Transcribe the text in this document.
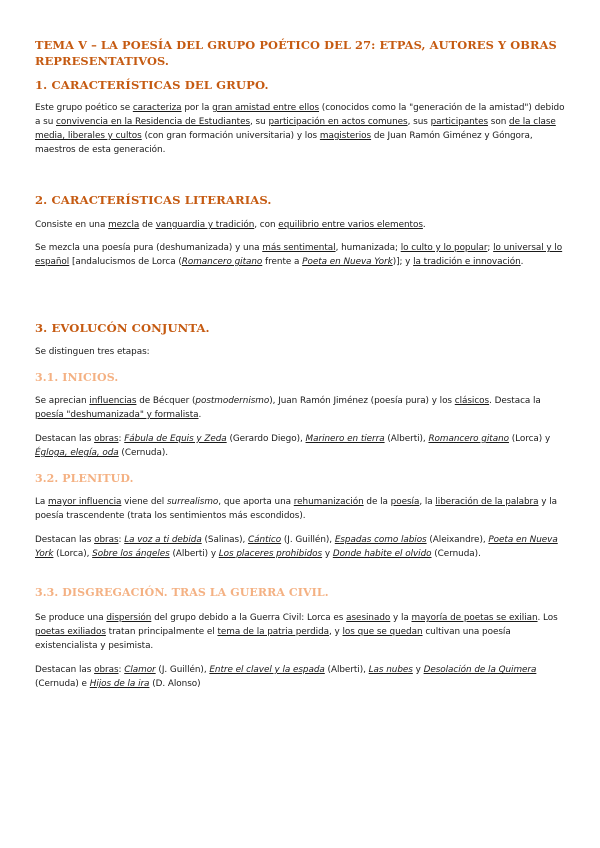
TEMA V – LA POESÍA DEL GRUPO POÉTICO DEL 27: ETPAS, AUTORES Y OBRAS REPRESENTATIVOS.
1. CARACTERÍSTICAS DEL GRUPO.

Este grupo poético se caracteriza por la gran amistad entre ellos (conocidos como la "generación de la amistad") debido a su convivencia en la Residencia de Estudiantes, su participación en actos comunes, sus participantes son de la clase media, liberales y cultos (con gran formación universitaria) y los magisterios de Juan Ramón Giménez y Góngora, maestros de esta generación.

2. CARACTERÍSTICAS LITERARIAS.

Consiste en una mezcla de vanguardia y tradición, con equilibrio entre varios elementos.

Se mezcla una poesía pura (deshumanizada) y una más sentimental, humanizada; lo culto y lo popular; lo universal y lo español [andalucismos de Lorca (Romancero gitano frente a Poeta en Nueva York)]; y la tradición e innovación.

3. EVOLUCÓN CONJUNTA.

Se distinguen tres etapas:

3.1. INICIOS.

Se aprecian influencias de Bécquer (postmodernismo), Juan Ramón Jiménez (poesía pura) y los clásicos. Destaca la poesía "deshumanizada" y formalista.

Destacan las obras: Fábula de Equis y Zeda (Gerardo Diego), Marinero en tierra (Alberti), Romancero gitano (Lorca) y Égloga, elegía, oda (Cernuda).

3.2. PLENITUD.

La mayor influencia viene del surrealismo, que aporta una rehumanización de la poesía, la liberación de la palabra y la poesía trascendente (trata los sentimientos más escondidos).

Destacan las obras: La voz a ti debida (Salinas), Cántico (J. Guillén), Espadas como labios (Aleixandre), Poeta en Nueva York (Lorca), Sobre los ángeles (Alberti) y Los placeres prohibidos y Donde habite el olvido (Cernuda).

3.3. DISGREGACIÓN. TRAS LA GUERRA CIVIL.

Se produce una dispersión del grupo debido a la Guerra Civil: Lorca es asesinado y la mayoría de poetas se exilian. Los poetas exiliados tratan principalmente el tema de la patria perdida, y los que se quedan cultivan una poesía existencialista y pesimista.

Destacan las obras: Clamor (J. Guillén), Entre el clavel y la espada (Alberti), Las nubes y Desolación de la Quimera (Cernuda) e Hijos de la ira (D. Alonso)
